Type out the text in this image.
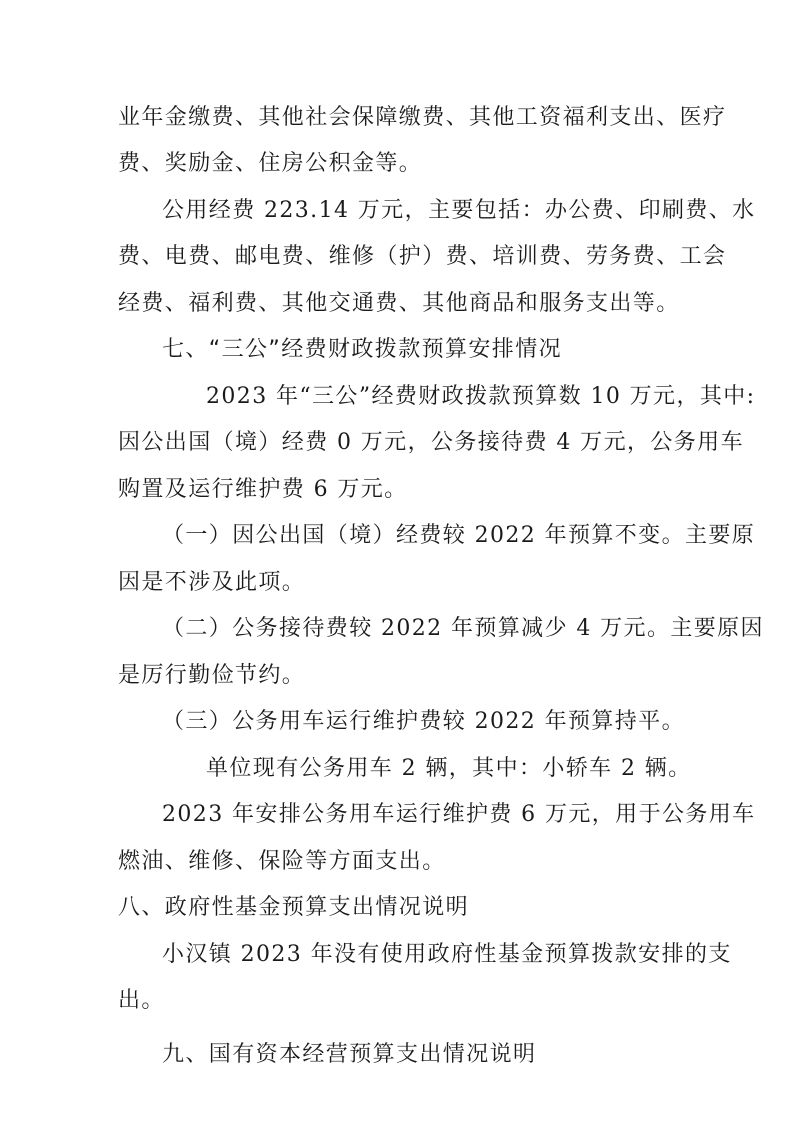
业年金缴费、其他社会保障缴费、其他工资福利支出、医疗
费、奖励金、住房公积金等。
公用经费 223.14 万元，主要包括：办公费、印刷费、水
费、电费、邮电费、维修（护）费、培训费、劳务费、工会
经费、福利费、其他交通费、其他商品和服务支出等。
七、“三公”经费财政拨款预算安排情况
2023 年“三公”经费财政拨款预算数 10 万元，其中:
因公出国（境）经费 0 万元，公务接待费 4 万元，公务用车
购置及运行维护费 6 万元。
（一）因公出国（境）经费较 2022 年预算不变。主要原
因是不涉及此项。
（二）公务接待费较 2022 年预算减少 4 万元。主要原因
是厉行勤俭节约。
（三）公务用车运行维护费较 2022 年预算持平。
单位现有公务用车 2 辆，其中：小轿车 2 辆。
2023 年安排公务用车运行维护费 6 万元，用于公务用车
燃油、维修、保险等方面支出。
八、政府性基金预算支出情况说明
小汉镇 2023 年没有使用政府性基金预算拨款安排的支
出。
九、国有资本经营预算支出情况说明
